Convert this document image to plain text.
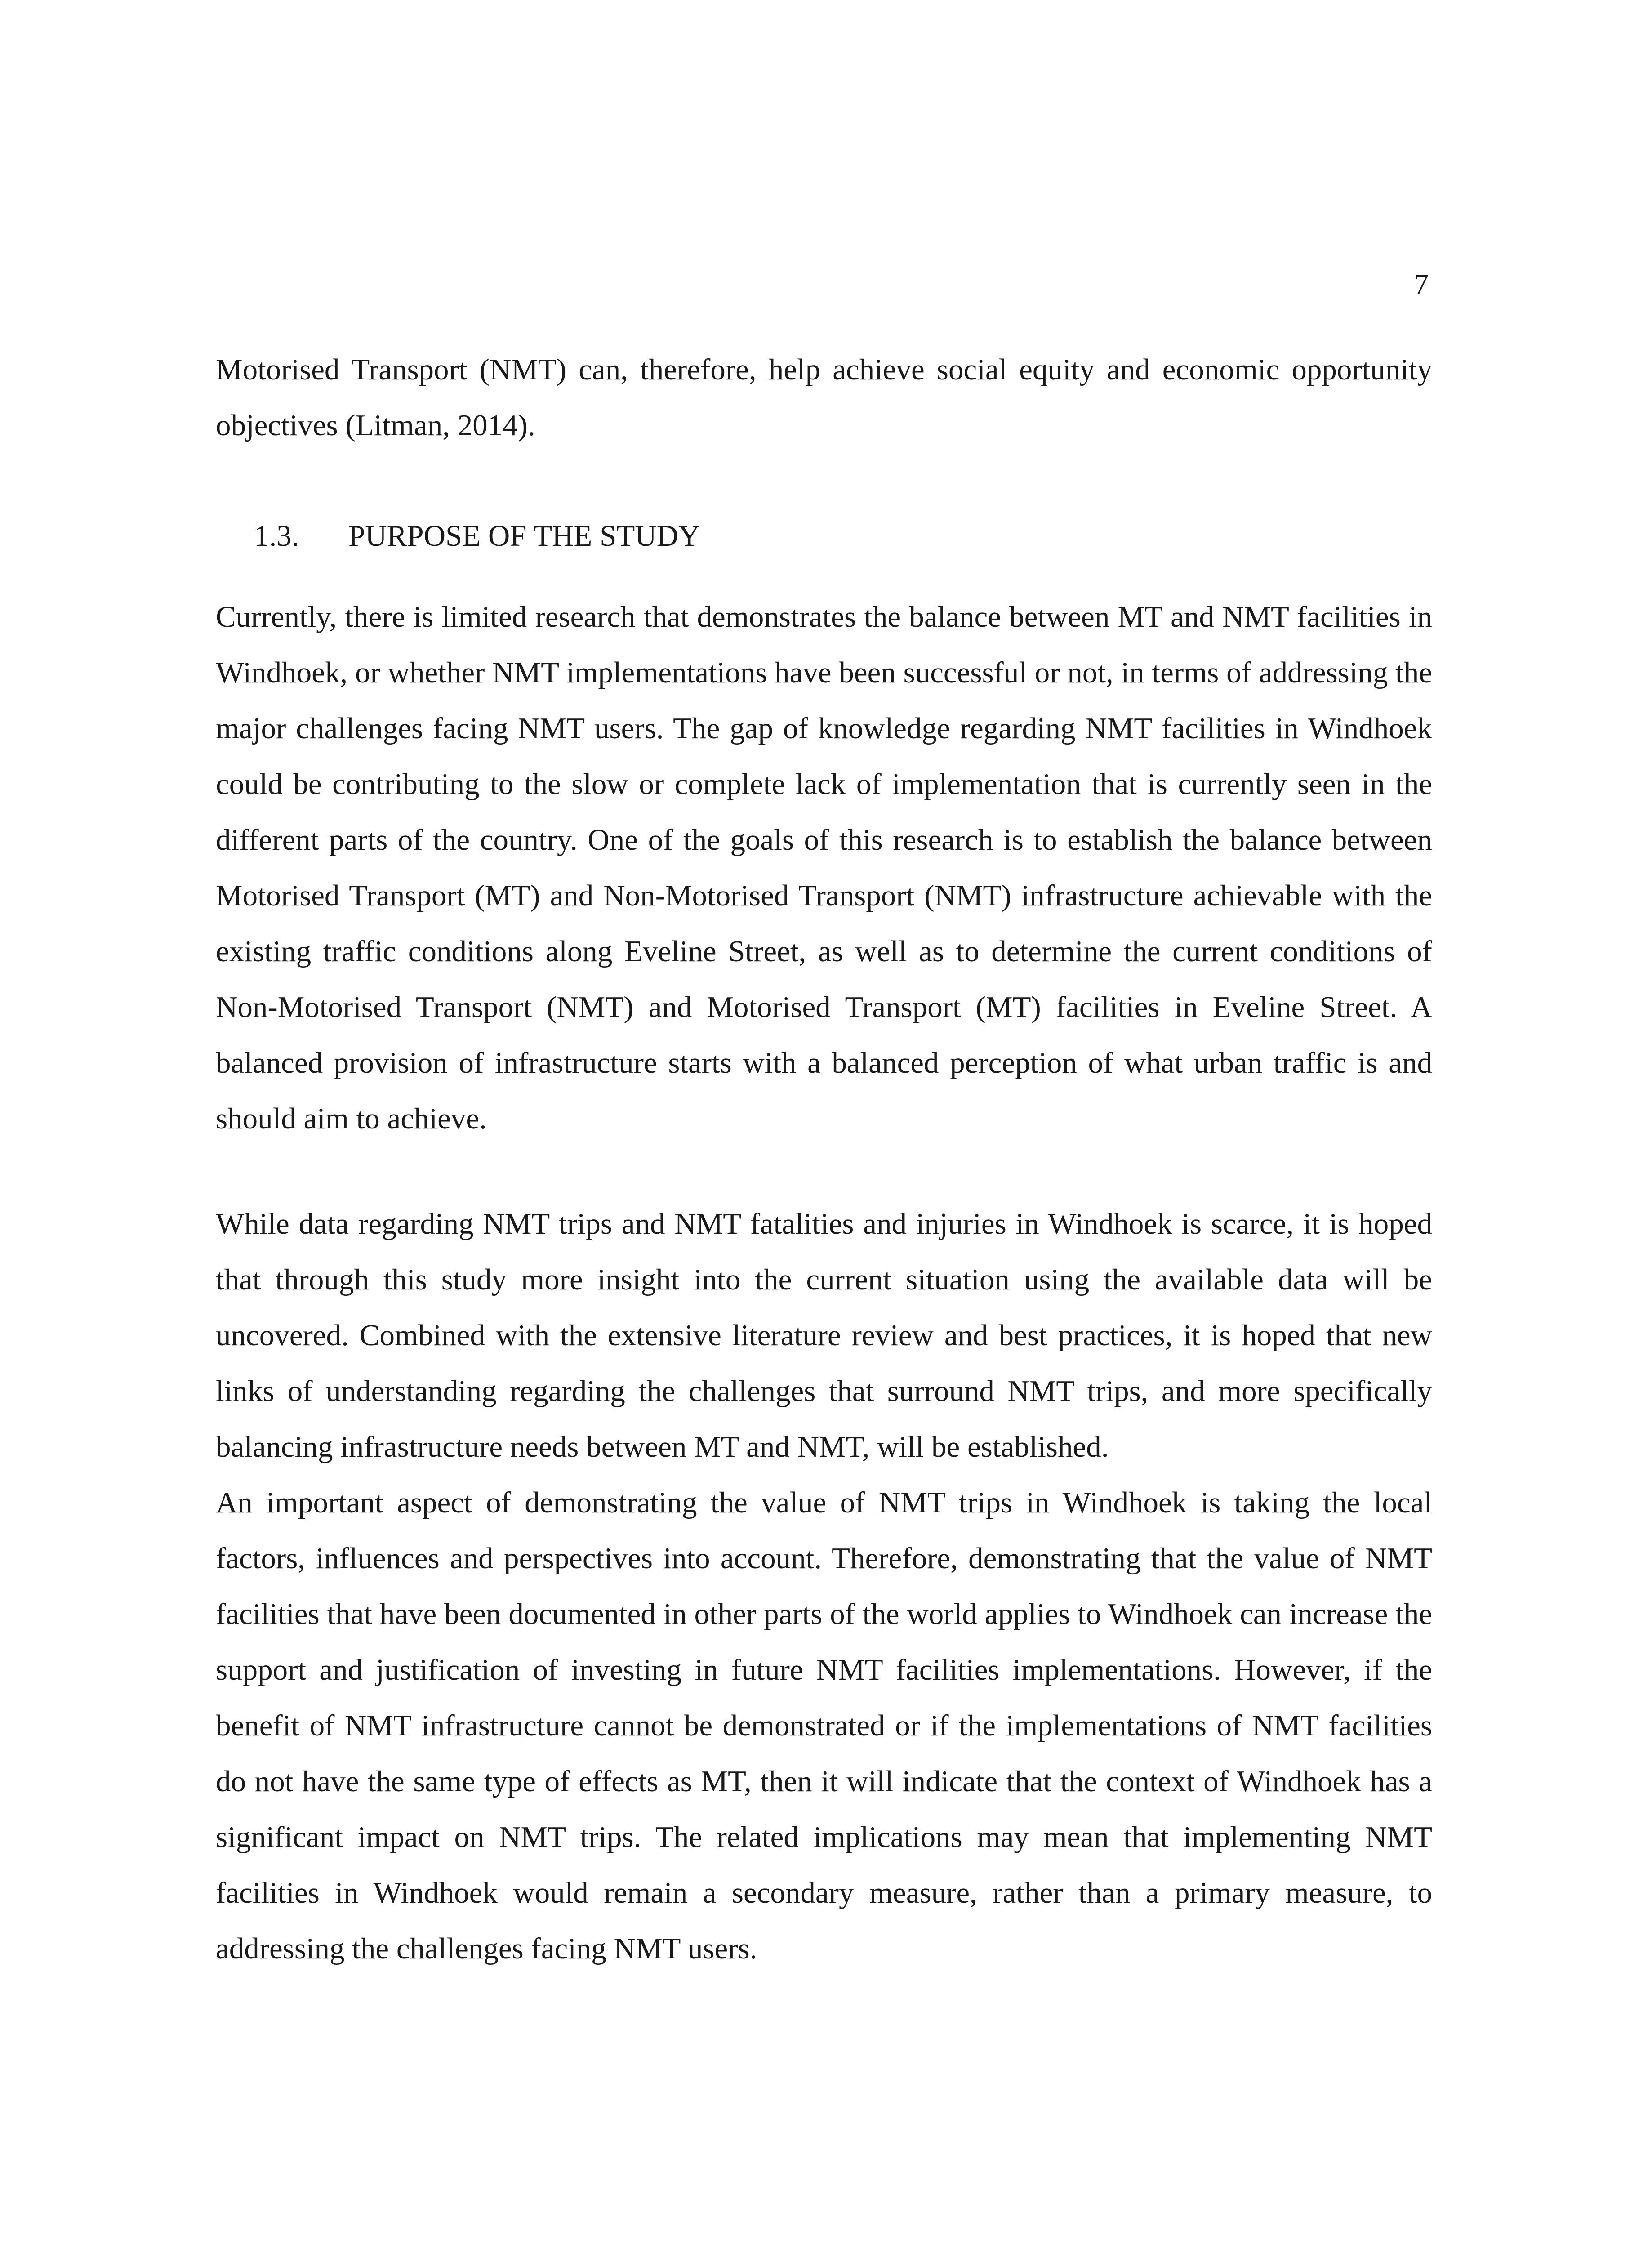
7

Motorised Transport (NMT) can, therefore, help achieve social equity and economic opportunity objectives (Litman, 2014).

1.3. PURPOSE OF THE STUDY

Currently, there is limited research that demonstrates the balance between MT and NMT facilities in Windhoek, or whether NMT implementations have been successful or not, in terms of addressing the major challenges facing NMT users. The gap of knowledge regarding NMT facilities in Windhoek could be contributing to the slow or complete lack of implementation that is currently seen in the different parts of the country. One of the goals of this research is to establish the balance between Motorised Transport (MT) and Non-Motorised Transport (NMT) infrastructure achievable with the existing traffic conditions along Eveline Street, as well as to determine the current conditions of Non-Motorised Transport (NMT) and Motorised Transport (MT) facilities in Eveline Street. A balanced provision of infrastructure starts with a balanced perception of what urban traffic is and should aim to achieve.

While data regarding NMT trips and NMT fatalities and injuries in Windhoek is scarce, it is hoped that through this study more insight into the current situation using the available data will be uncovered. Combined with the extensive literature review and best practices, it is hoped that new links of understanding regarding the challenges that surround NMT trips, and more specifically balancing infrastructure needs between MT and NMT, will be established.

An important aspect of demonstrating the value of NMT trips in Windhoek is taking the local factors, influences and perspectives into account. Therefore, demonstrating that the value of NMT facilities that have been documented in other parts of the world applies to Windhoek can increase the support and justification of investing in future NMT facilities implementations. However, if the benefit of NMT infrastructure cannot be demonstrated or if the implementations of NMT facilities do not have the same type of effects as MT, then it will indicate that the context of Windhoek has a significant impact on NMT trips. The related implications may mean that implementing NMT facilities in Windhoek would remain a secondary measure, rather than a primary measure, to addressing the challenges facing NMT users.
